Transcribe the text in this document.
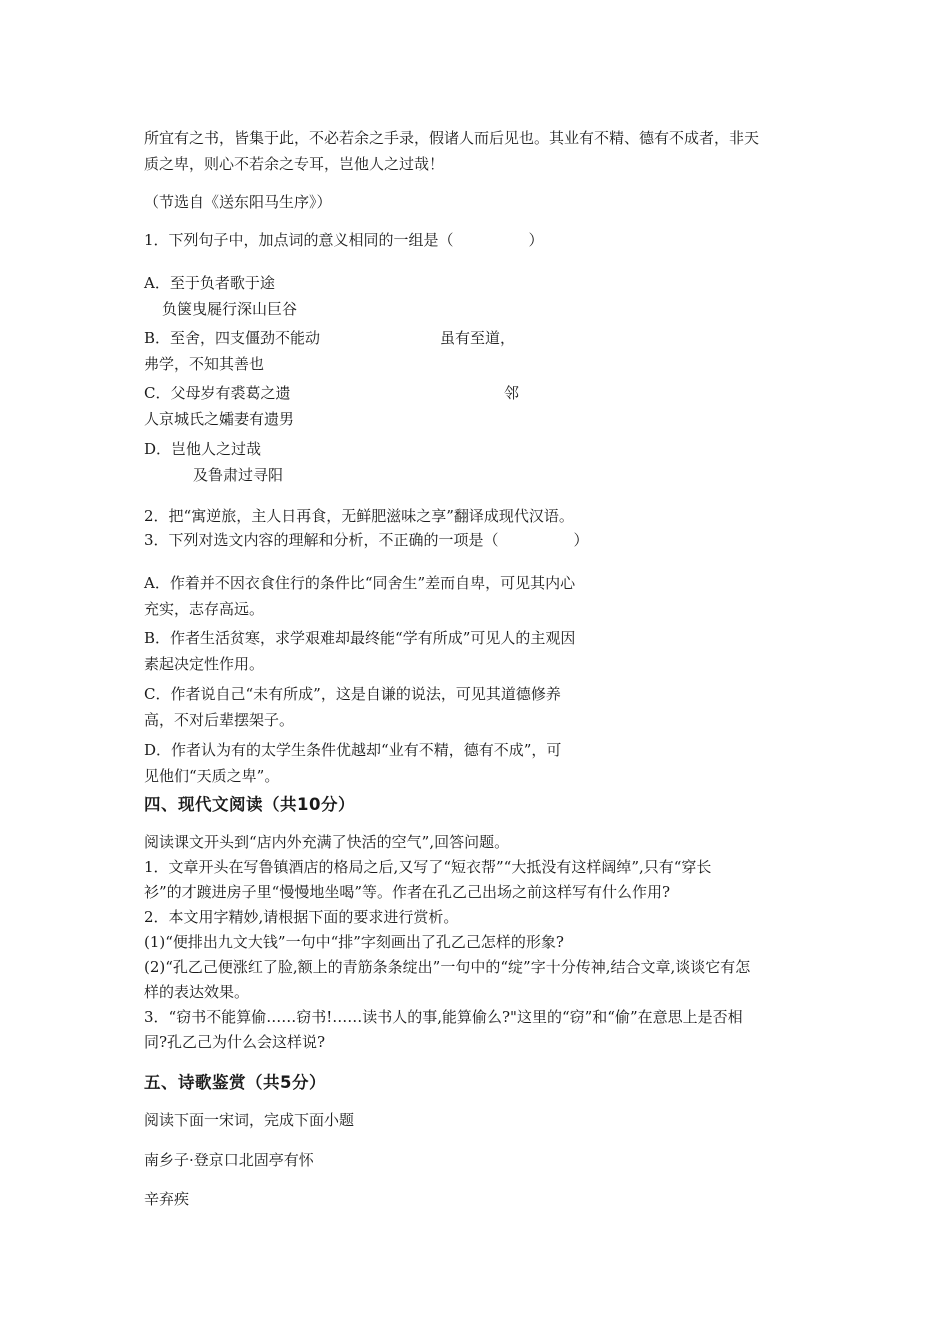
所宜有之书，皆集于此，不必若余之手录，假诸人而后见也。其业有不精、德有不成者，非天
质之卑，则心不若余之专耳，岂他人之过哉！
（节选自《送东阳马生序》）
1．下列句子中，加点词的意义相同的一组是（　　　　　）
A．至于负者歌于途
负箧曳屣行深山巨谷
B．至舍，四支僵劲不能动	虽有至道，
弗学，不知其善也
C．父母岁有裘葛之遗	邻
人京城氏之孀妻有遗男
D．岂他人之过哉
及鲁肃过寻阳
2．把“寓逆旅，主人日再食，无鲜肥滋味之享”翻译成现代汉语。
3．下列对选文内容的理解和分析，不正确的一项是（　　　　　）
A．作着并不因衣食住行的条件比“同舍生”差而自卑，可见其内心
充实，志存高远。
B．作者生活贫寒，求学艰难却最终能“学有所成”可见人的主观因
素起决定性作用。
C．作者说自己“未有所成”，这是自谦的说法，可见其道德修养
高，不对后辈摆架子。
D．作者认为有的太学生条件优越却“业有不精，德有不成”，可
见他们“天质之卑”。
四、现代文阅读（共10分）
阅读课文开头到“店内外充满了快活的空气”,回答问题。
1．文章开头在写鲁镇酒店的格局之后,又写了“短衣帮”“大抵没有这样阔绰”,只有“穿长
衫”的才踱进房子里“慢慢地坐喝”等。作者在孔乙己出场之前这样写有什么作用?
2．本文用字精妙,请根据下面的要求进行赏析。
(1)“便排出九文大钱”一句中“排”字刻画出了孔乙己怎样的形象?
(2)“孔乙己便涨红了脸,额上的青筋条条绽出”一句中的“绽”字十分传神,结合文章,谈谈它有怎
样的表达效果。
3．“窃书不能算偷……窃书!……读书人的事,能算偷么?"这里的“窃”和“偷”在意思上是否相
同?孔乙己为什么会这样说?
五、诗歌鉴赏（共5分）
阅读下面一宋词，完成下面小题
南乡子·登京口北固亭有怀
辛弃疾
